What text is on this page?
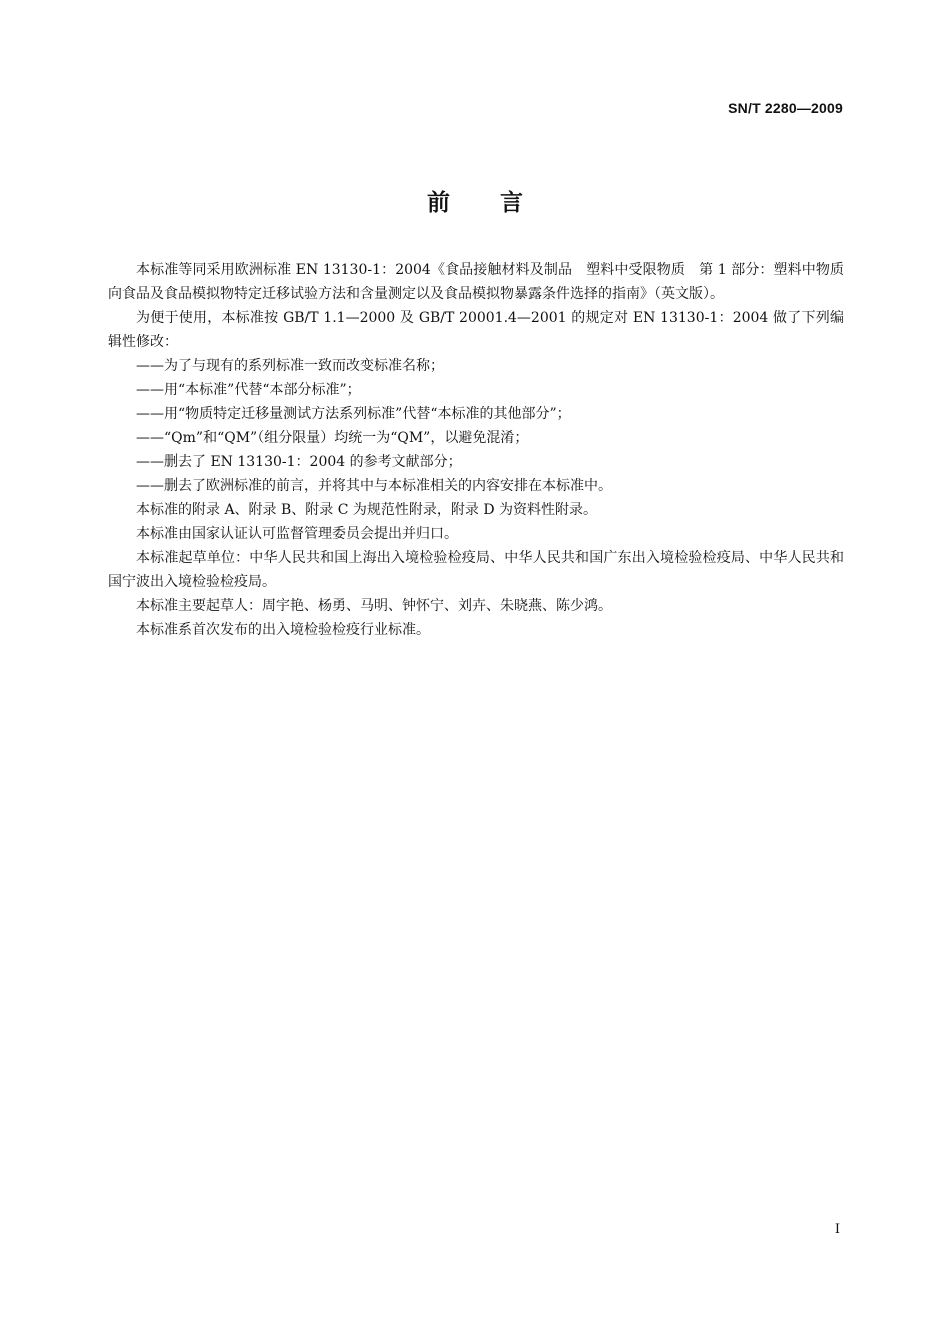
SN/T 2280—2009
前言

本标准等同采用欧洲标准 EN 13130-1：2004《食品接触材料及制品　塑料中受限物质　第 1 部分：塑料中物质向食品及食品模拟物特定迁移试验方法和含量测定以及食品模拟物暴露条件选择的指南》（英文版）。

为便于使用，本标准按 GB/T 1.1—2000 及 GB/T 20001.4—2001 的规定对 EN 13130-1：2004 做了下列编辑性修改：

——为了与现有的系列标准一致而改变标准名称；

——用“本标准”代替“本部分标准”；

——用“物质特定迁移量测试方法系列标准”代替“本标准的其他部分”；

——“Qm”和“QM”（组分限量）均统一为“QM”，以避免混淆；

——删去了 EN 13130-1：2004 的参考文献部分；

——删去了欧洲标准的前言，并将其中与本标准相关的内容安排在本标准中。

本标准的附录 A、附录 B、附录 C 为规范性附录，附录 D 为资料性附录。

本标准由国家认证认可监督管理委员会提出并归口。

本标准起草单位：中华人民共和国上海出入境检验检疫局、中华人民共和国广东出入境检验检疫局、中华人民共和国宁波出入境检验检疫局。

本标准主要起草人：周宇艳、杨勇、马明、钟怀宁、刘卉、朱晓燕、陈少鸿。

本标准系首次发布的出入境检验检疫行业标准。

I
